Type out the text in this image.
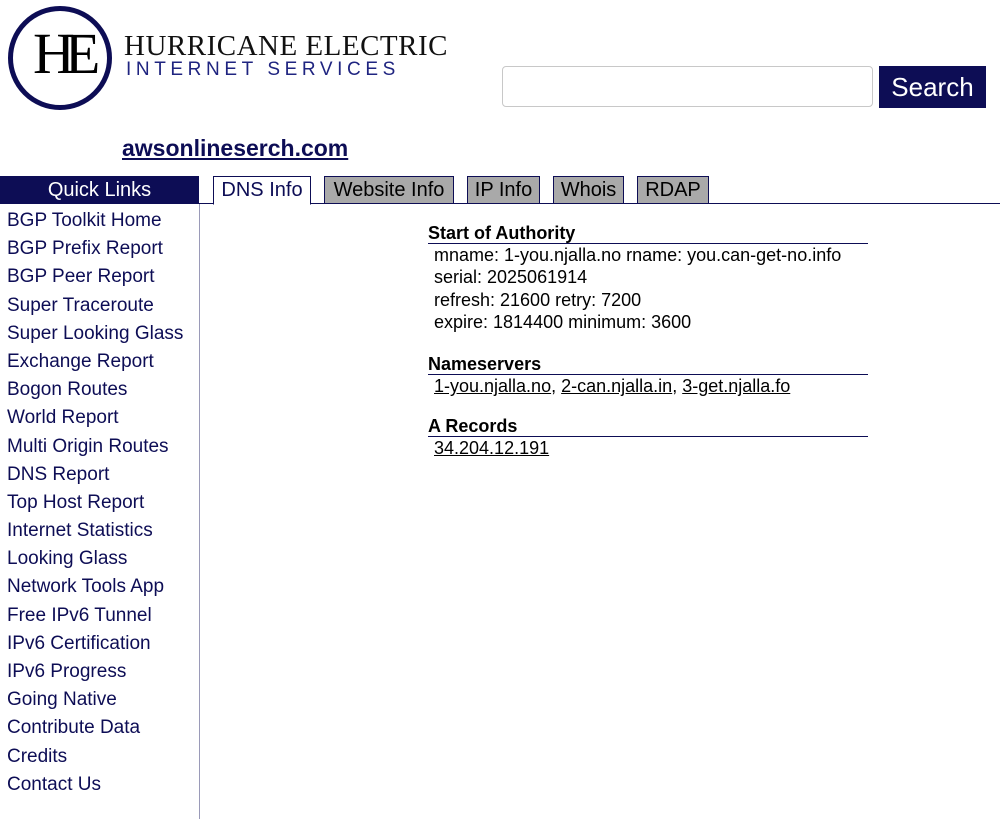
HE HURRICANE ELECTRIC
INTERNET SERVICES
Search
awsonlineserch.com
Quick Links
BGP Toolkit Home
BGP Prefix Report
BGP Peer Report
Super Traceroute
Super Looking Glass
Exchange Report
Bogon Routes
World Report
Multi Origin Routes
DNS Report
Top Host Report
Internet Statistics
Looking Glass
Network Tools App
Free IPv6 Tunnel
IPv6 Certification
IPv6 Progress
Going Native
Contribute Data
Credits
Contact Us
DNS Info	Website Info	IP Info	Whois	RDAP
Start of Authority
mname: 1-you.njalla.no rname: you.can-get-no.info
serial: 2025061914
refresh: 21600 retry: 7200
expire: 1814400 minimum: 3600
Nameservers
1-you.njalla.no, 2-can.njalla.in, 3-get.njalla.fo
A Records
34.204.12.191
